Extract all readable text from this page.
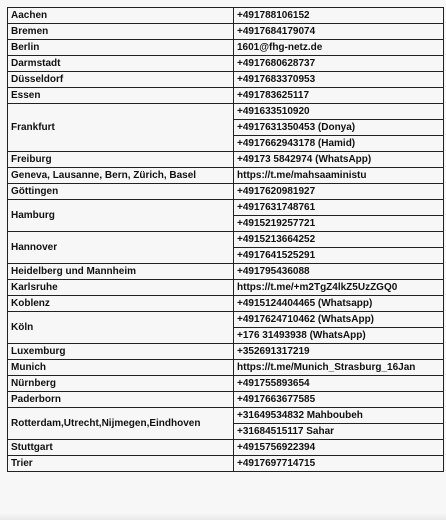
Aachen	+491788106152
Bremen	+4917684179074
Berlin	1601@fhg-netz.de
Darmstadt	+4917680628737
Düsseldorf	+4917683370953
Essen	+491783625117
Frankfurt	+491633510920
	+4917631350453 (Donya)
	+4917662943178 (Hamid)
Freiburg	+49173 5842974 (WhatsApp)
Geneva, Lausanne, Bern, Zürich, Basel	https://t.me/mahsaaministu
Göttingen	+4917620981927
Hamburg	+4917631748761
	+4915219257721
Hannover	+4915213664252
	+4917641525291
Heidelberg und Mannheim	+491795436088
Karlsruhe	https://t.me/+m2TgZ4lkZ5UzZGQ0
Koblenz	+4915124404465 (Whatsapp)
Köln	+4917624710462 (WhatsApp)
	+176 31493938 (WhatsApp)
Luxemburg	+352691317219
Munich	https://t.me/Munich_Strasburg_16Jan
Nürnberg	+491755893654
Paderborn	+4917663677585
Rotterdam,Utrecht,Nijmegen,Eindhoven	+31649534832 Mahboubeh
	+31684515117 Sahar
Stuttgart	+4915756922394
Trier	+4917697714715
